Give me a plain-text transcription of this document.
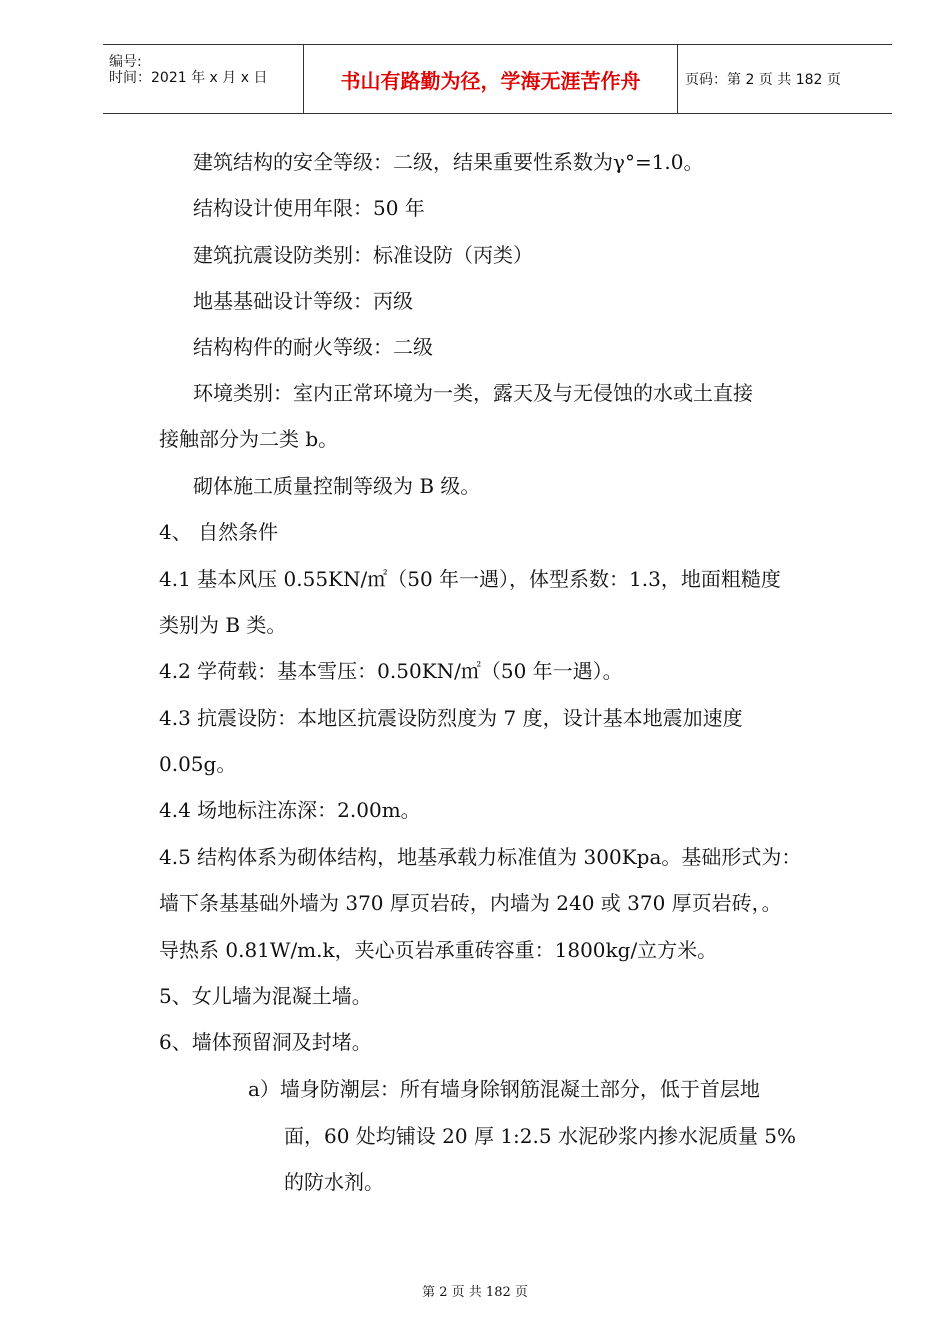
编号:
时间：2021 年 x 月 x 日	书山有路勤为径，学海无涯苦作舟	页码：第 2 页 共 182 页
建筑结构的安全等级：二级，结果重要性系数为γ°=1.0。
结构设计使用年限：50 年
建筑抗震设防类别：标准设防（丙类）
地基基础设计等级：丙级
结构构件的耐火等级：二级
环境类别：室内正常环境为一类，露天及与无侵蚀的水或土直接
接触部分为二类 b。
砌体施工质量控制等级为 B 级。
4、 自然条件
4.1 基本风压 0.55KN/㎡（50 年一遇），体型系数：1.3，地面粗糙度
类别为 B 类。
4.2 学荷载：基本雪压：0.50KN/㎡（50 年一遇）。
4.3 抗震设防：本地区抗震设防烈度为 7 度，设计基本地震加速度
0.05g。
4.4 场地标注冻深：2.00m。
4.5 结构体系为砌体结构，地基承载力标准值为 300Kpa。基础形式为：
墙下条基基础外墙为 370 厚页岩砖，内墙为 240 或 370 厚页岩砖，。
导热系 0.81W/m.k，夹心页岩承重砖容重：1800kg/立方米。
5、女儿墙为混凝土墙。
6、墙体预留洞及封堵。
a）墙身防潮层：所有墙身除钢筋混凝土部分，低于首层地
面，60 处均铺设 20 厚 1:2.5 水泥砂浆内掺水泥质量 5%
的防水剂。
第 2 页 共 182 页
